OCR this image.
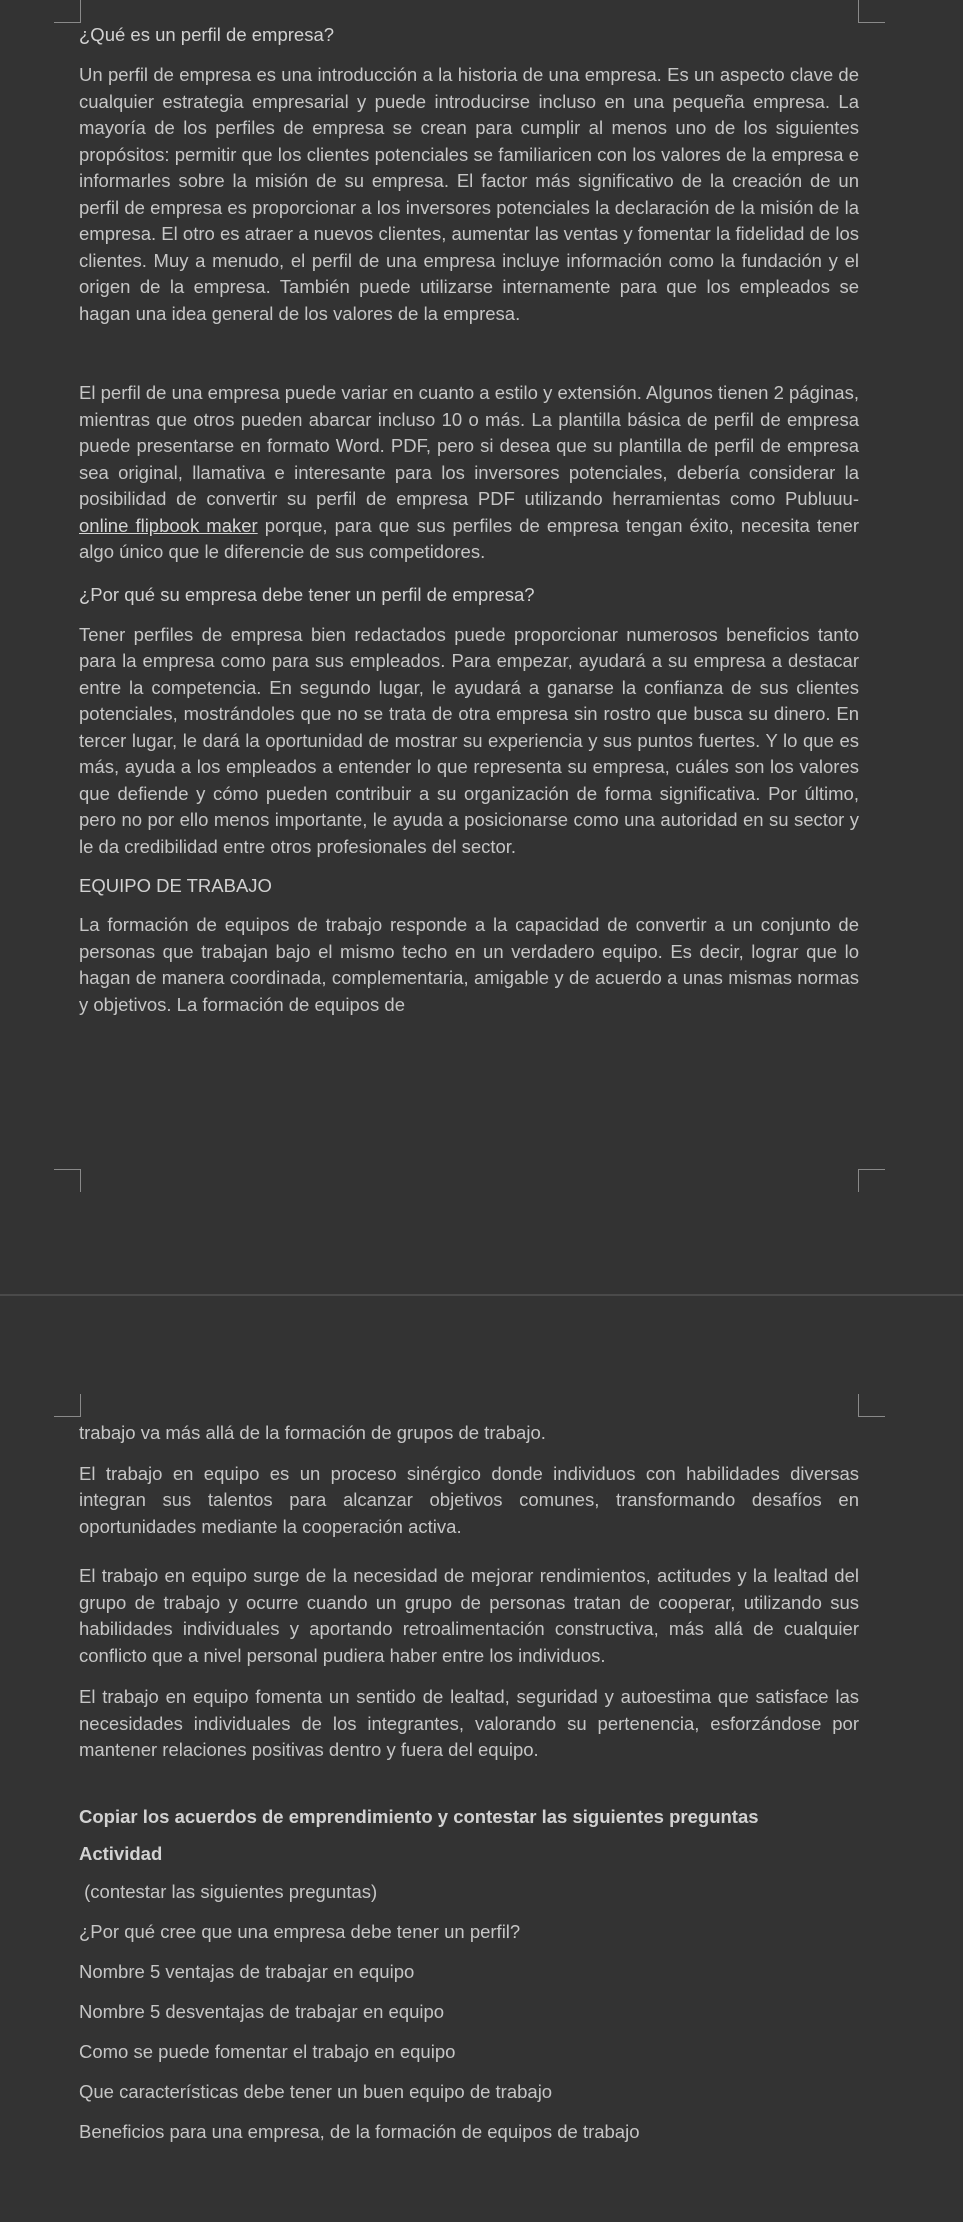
¿Qué es un perfil de empresa?

Un perfil de empresa es una introducción a la historia de una empresa. Es un aspecto clave de cualquier estrategia empresarial y puede introducirse incluso en una pequeña empresa. La mayoría de los perfiles de empresa se crean para cumplir al menos uno de los siguientes propósitos: permitir que los clientes potenciales se familiaricen con los valores de la empresa e informarles sobre la misión de su empresa. El factor más significativo de la creación de un perfil de empresa es proporcionar a los inversores potenciales la declaración de la misión de la empresa. El otro es atraer a nuevos clientes, aumentar las ventas y fomentar la fidelidad de los clientes. Muy a menudo, el perfil de una empresa incluye información como la fundación y el origen de la empresa. También puede utilizarse internamente para que los empleados se hagan una idea general de los valores de la empresa.

El perfil de una empresa puede variar en cuanto a estilo y extensión. Algunos tienen 2 páginas, mientras que otros pueden abarcar incluso 10 o más. La plantilla básica de perfil de empresa puede presentarse en formato Word. PDF, pero si desea que su plantilla de perfil de empresa sea original, llamativa e interesante para los inversores potenciales, debería considerar la posibilidad de convertir su perfil de empresa PDF utilizando herramientas como Publuuu- online flipbook maker porque, para que sus perfiles de empresa tengan éxito, necesita tener algo único que le diferencie de sus competidores.

¿Por qué su empresa debe tener un perfil de empresa?

Tener perfiles de empresa bien redactados puede proporcionar numerosos beneficios tanto para la empresa como para sus empleados. Para empezar, ayudará a su empresa a destacar entre la competencia. En segundo lugar, le ayudará a ganarse la confianza de sus clientes potenciales, mostrándoles que no se trata de otra empresa sin rostro que busca su dinero. En tercer lugar, le dará la oportunidad de mostrar su experiencia y sus puntos fuertes. Y lo que es más, ayuda a los empleados a entender lo que representa su empresa, cuáles son los valores que defiende y cómo pueden contribuir a su organización de forma significativa. Por último, pero no por ello menos importante, le ayuda a posicionarse como una autoridad en su sector y le da credibilidad entre otros profesionales del sector.

EQUIPO DE TRABAJO

La formación de equipos de trabajo responde a la capacidad de convertir a un conjunto de personas que trabajan bajo el mismo techo en un verdadero equipo. Es decir, lograr que lo hagan de manera coordinada, complementaria, amigable y de acuerdo a unas mismas normas y objetivos. La formación de equipos de

trabajo va más allá de la formación de grupos de trabajo.

El trabajo en equipo es un proceso sinérgico donde individuos con habilidades diversas integran sus talentos para alcanzar objetivos comunes, transformando desafíos en oportunidades mediante la cooperación activa.

El trabajo en equipo surge de la necesidad de mejorar rendimientos, actitudes y la lealtad del grupo de trabajo y ocurre cuando un grupo de personas tratan de cooperar, utilizando sus habilidades individuales y aportando retroalimentación constructiva, más allá de cualquier conflicto que a nivel personal pudiera haber entre los individuos.

El trabajo en equipo fomenta un sentido de lealtad, seguridad y autoestima que satisface las necesidades individuales de los integrantes, valorando su pertenencia, esforzándose por mantener relaciones positivas dentro y fuera del equipo.

Copiar los acuerdos de emprendimiento y contestar las siguientes preguntas
Actividad
(contestar las siguientes preguntas)
¿Por qué cree que una empresa debe tener un perfil?
Nombre 5 ventajas de trabajar en equipo
Nombre 5 desventajas de trabajar en equipo
Como se puede fomentar el trabajo en equipo
Que características debe tener un buen equipo de trabajo
Beneficios para una empresa, de la formación de equipos de trabajo
